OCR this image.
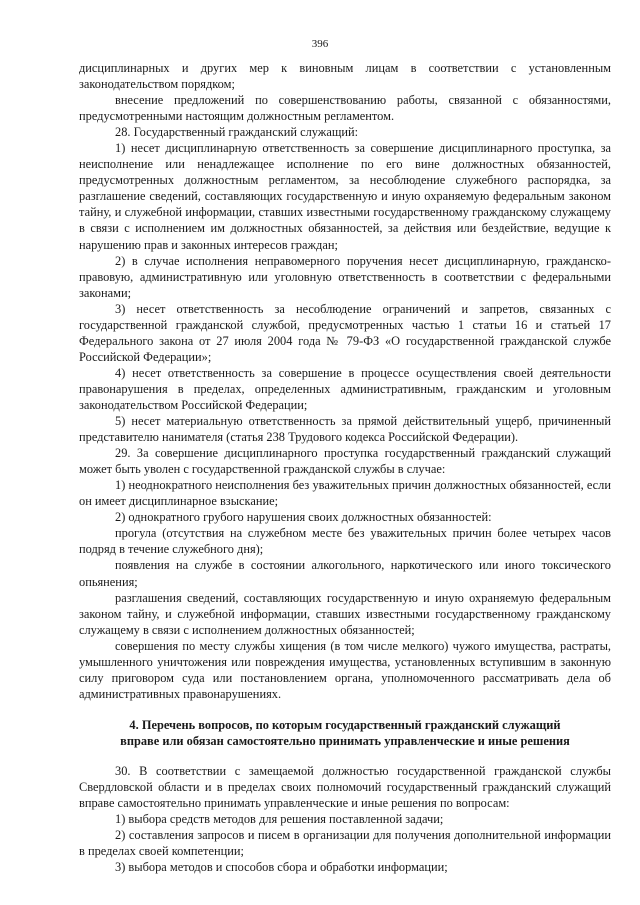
396

дисциплинарных и других мер к виновным лицам в соответствии с установленным законодательством порядком;

внесение предложений по совершенствованию работы, связанной с обязанностями, предусмотренными настоящим должностным регламентом.

28. Государственный гражданский служащий:

1) несет дисциплинарную ответственность за совершение дисциплинарного проступка, за неисполнение или ненадлежащее исполнение по его вине должностных обязанностей, предусмотренных должностным регламентом, за несоблюдение служебного распорядка, за разглашение сведений, составляющих государственную и иную охраняемую федеральным законом тайну, и служебной информации, ставших известными государственному гражданскому служащему в связи с исполнением им должностных обязанностей, за действия или бездействие, ведущие к нарушению прав и законных интересов граждан;

2) в случае исполнения неправомерного поручения несет дисциплинарную, гражданско-правовую, административную или уголовную ответственность в соответствии с федеральными законами;

3) несет ответственность за несоблюдение ограничений и запретов, связанных с государственной гражданской службой, предусмотренных частью 1 статьи 16 и статьей 17 Федерального закона от 27 июля 2004 года № 79-ФЗ «О государственной гражданской службе Российской Федерации»;

4) несет ответственность за совершение в процессе осуществления своей деятельности правонарушения в пределах, определенных административным, гражданским и уголовным законодательством Российской Федерации;

5) несет материальную ответственность за прямой действительный ущерб, причиненный представителю нанимателя (статья 238 Трудового кодекса Российской Федерации).

29. За совершение дисциплинарного проступка государственный гражданский служащий может быть уволен с государственной гражданской службы в случае:

1) неоднократного неисполнения без уважительных причин должностных обязанностей, если он имеет дисциплинарное взыскание;

2) однократного грубого нарушения своих должностных обязанностей:

прогула (отсутствия на служебном месте без уважительных причин более четырех часов подряд в течение служебного дня);

появления на службе в состоянии алкогольного, наркотического или иного токсического опьянения;

разглашения сведений, составляющих государственную и иную охраняемую федеральным законом тайну, и служебной информации, ставших известными государственному гражданскому служащему в связи с исполнением должностных обязанностей;

совершения по месту службы хищения (в том числе мелкого) чужого имущества, растраты, умышленного уничтожения или повреждения имущества, установленных вступившим в законную силу приговором суда или постановлением органа, уполномоченного рассматривать дела об административных правонарушениях.

4. Перечень вопросов, по которым государственный гражданский служащий
вправе или обязан самостоятельно принимать управленческие и иные решения

30. В соответствии с замещаемой должностью государственной гражданской службы Свердловской области и в пределах своих полномочий государственный гражданский служащий вправе самостоятельно принимать управленческие и иные решения по вопросам:

1) выбора средств методов для решения поставленной задачи;

2) составления запросов и писем в организации для получения дополнительной информации в пределах своей компетенции;

3) выбора методов и способов сбора и обработки информации;
